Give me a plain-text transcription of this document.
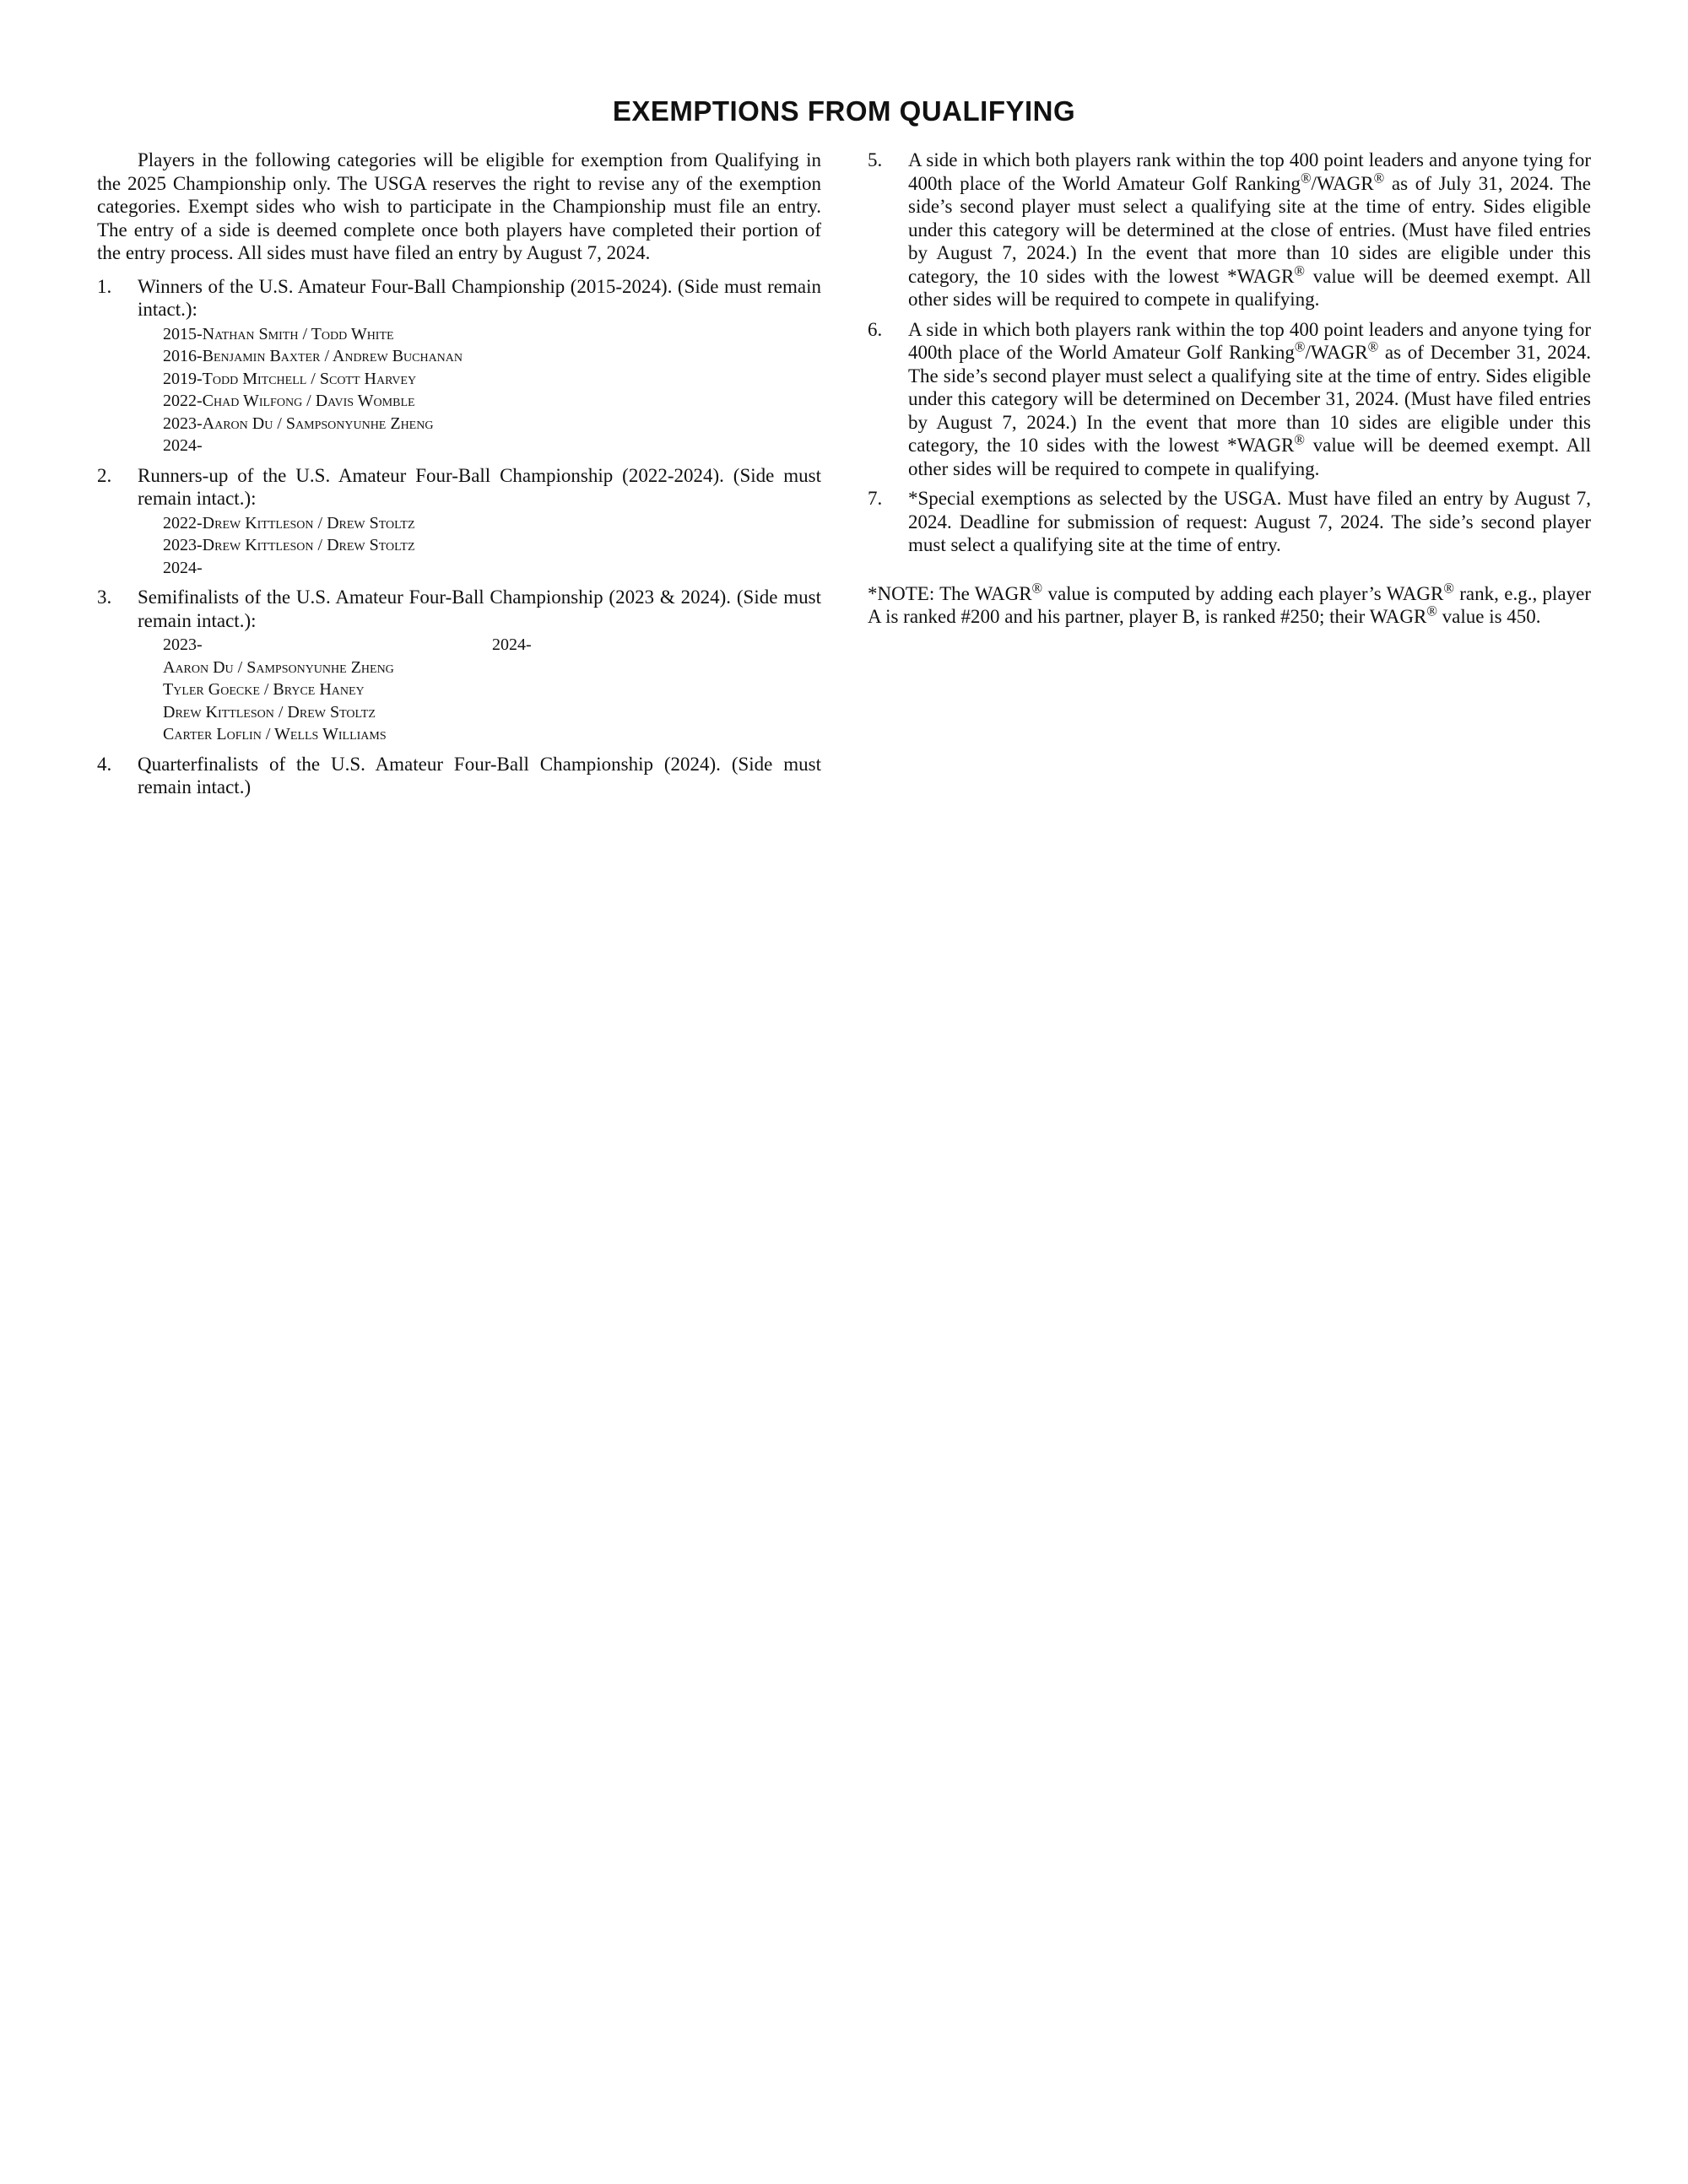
EXEMPTIONS FROM QUALIFYING

Players in the following categories will be eligible for exemption from Qualifying in the 2025 Championship only. The USGA reserves the right to revise any of the exemption categories. Exempt sides who wish to participate in the Championship must file an entry. The entry of a side is deemed complete once both players have completed their portion of the entry process. All sides must have filed an entry by August 7, 2024.

1. Winners of the U.S. Amateur Four-Ball Championship (2015-2024). (Side must remain intact.):

2015-Nathan Smith / Todd White
2016-Benjamin Baxter / Andrew Buchanan
2019-Todd Mitchell / Scott Harvey
2022-Chad Wilfong / Davis Womble
2023-Aaron Du / Sampsonyunhe Zheng
2024-
2. Runners-up of the U.S. Amateur Four-Ball Championship (2022-2024). (Side must remain intact.):

2022-Drew Kittleson / Drew Stoltz
2023-Drew Kittleson / Drew Stoltz
2024-
3. Semifinalists of the U.S. Amateur Four-Ball Championship (2023 & 2024). (Side must remain intact.):

2023-	2024-
Aaron Du / Sampsonyunhe Zheng
Tyler Goecke / Bryce Haney
Drew Kittleson / Drew Stoltz
Carter Loflin / Wells Williams
4. Quarterfinalists of the U.S. Amateur Four-Ball Championship (2024). (Side must remain intact.)

5. A side in which both players rank within the top 400 point leaders and anyone tying for 400th place of the World Amateur Golf Ranking®/WAGR® as of July 31, 2024. The side’s second player must select a qualifying site at the time of entry. Sides eligible under this category will be determined at the close of entries. (Must have filed entries by August 7, 2024.) In the event that more than 10 sides are eligible under this category, the 10 sides with the lowest *WAGR® value will be deemed exempt. All other sides will be required to compete in qualifying.

6. A side in which both players rank within the top 400 point leaders and anyone tying for 400th place of the World Amateur Golf Ranking®/WAGR® as of December 31, 2024. The side’s second player must select a qualifying site at the time of entry. Sides eligible under this category will be determined on December 31, 2024. (Must have filed entries by August 7, 2024.) In the event that more than 10 sides are eligible under this category, the 10 sides with the lowest *WAGR® value will be deemed exempt. All other sides will be required to compete in qualifying.

7. *Special exemptions as selected by the USGA. Must have filed an entry by August 7, 2024. Deadline for submission of request: August 7, 2024. The side’s second player must select a qualifying site at the time of entry.

*NOTE: The WAGR® value is computed by adding each player’s WAGR® rank, e.g., player A is ranked #200 and his partner, player B, is ranked #250; their WAGR® value is 450.
